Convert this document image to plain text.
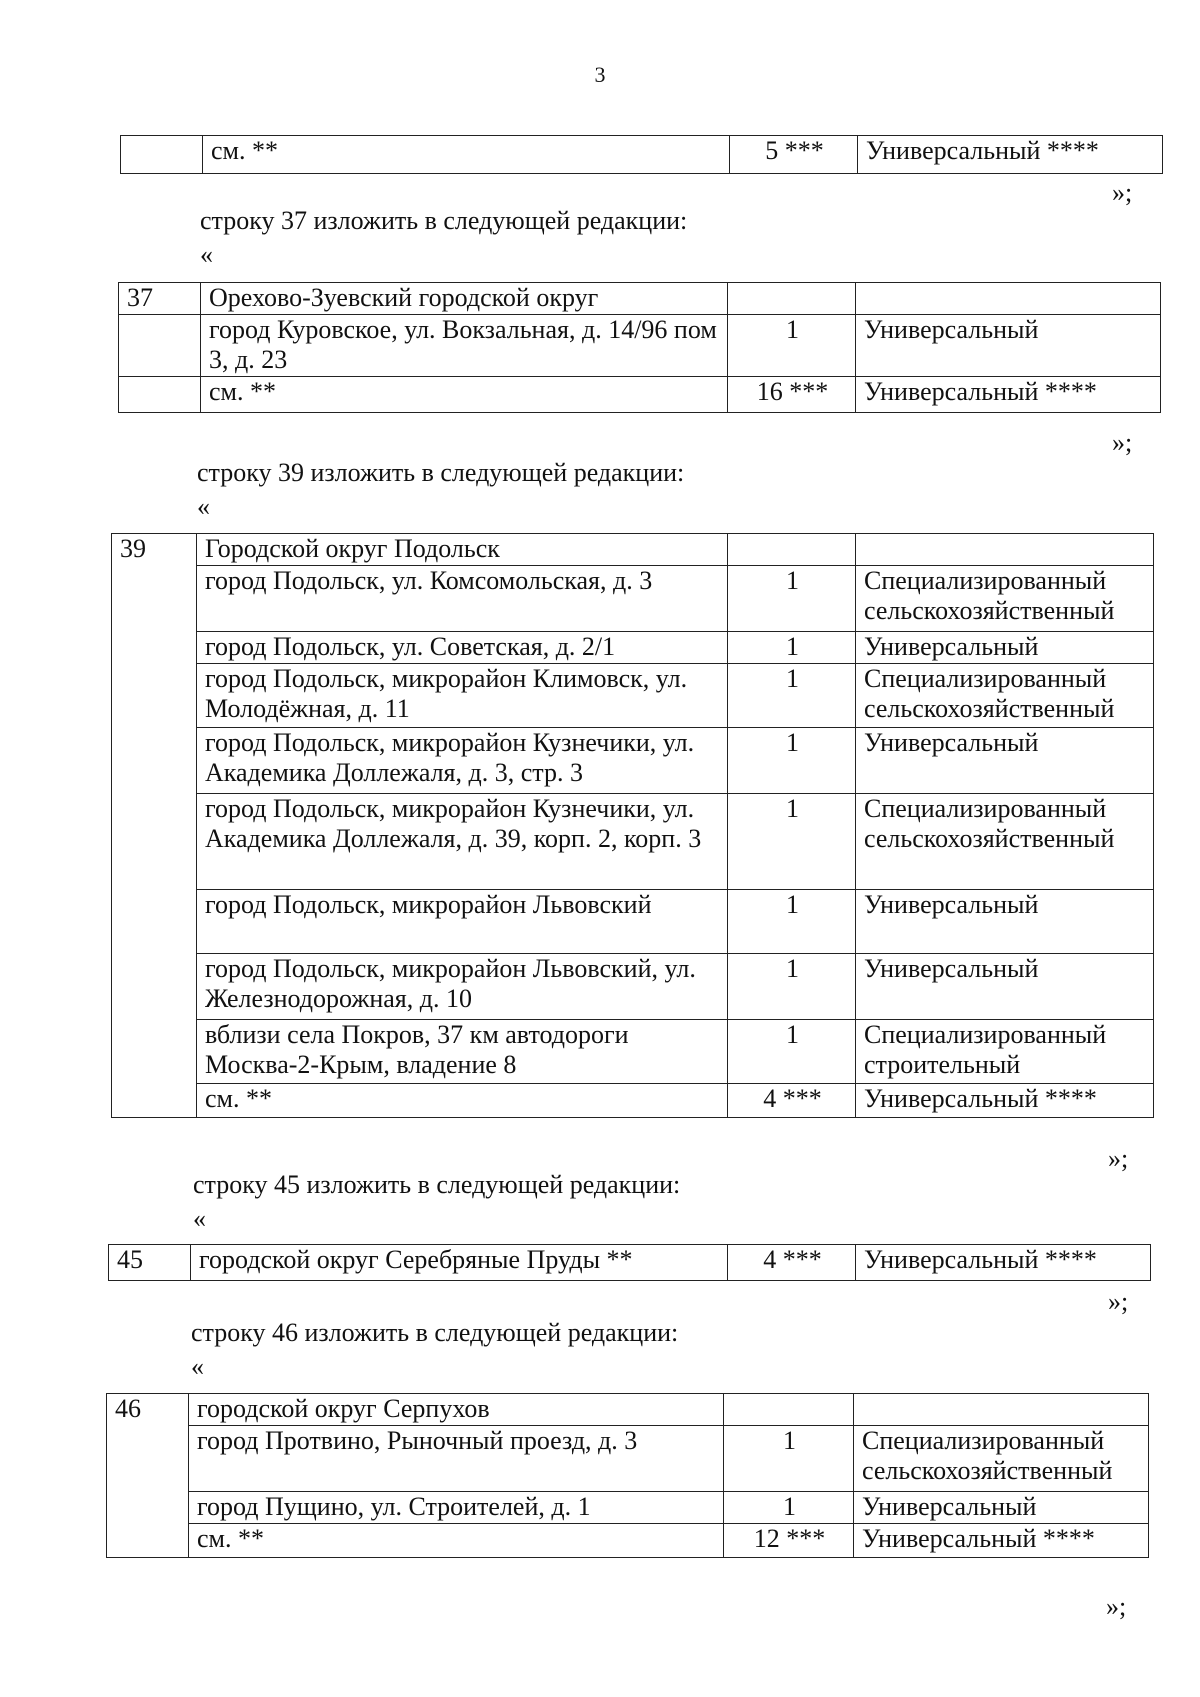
3
	см. **	5 ***	Универсальный ****
»;
строку 37 изложить в следующей редакции:
«
37	Орехово-Зуевский городской округ		
	город Куровское, ул. Вокзальная, д. 14/96 пом 3, д. 23	1	Универсальный
	см. **	16 ***	Универсальный ****
»;
строку 39 изложить в следующей редакции:
«
39	Городской округ Подольск		
	город Подольск, ул. Комсомольская, д. 3	1	Специализированный сельскохозяйственный
	город Подольск, ул. Советская, д. 2/1	1	Универсальный
	город Подольск, микрорайон Климовск, ул. Молодёжная, д. 11	1	Специализированный сельскохозяйственный
	город Подольск, микрорайон Кузнечики, ул. Академика Доллежаля, д. 3, стр. 3	1	Универсальный
	город Подольск, микрорайон Кузнечики, ул. Академика Доллежаля, д. 39, корп. 2, корп. 3	1	Специализированный сельскохозяйственный
	город Подольск, микрорайон Львовский	1	Универсальный
	город Подольск, микрорайон Львовский, ул. Железнодорожная, д. 10	1	Универсальный
	вблизи села Покров, 37 км автодороги Москва-2-Крым, владение 8	1	Специализированный строительный
	см. **	4 ***	Универсальный ****
»;
строку 45 изложить в следующей редакции:
«
45	городской округ Серебряные Пруды **	4 ***	Универсальный ****
»;
строку 46 изложить в следующей редакции:
«
46	городской округ Серпухов		
	город Протвино, Рыночный проезд, д. 3	1	Специализированный сельскохозяйственный
	город Пущино, ул. Строителей, д. 1	1	Универсальный
	см. **	12 ***	Универсальный ****
»;
